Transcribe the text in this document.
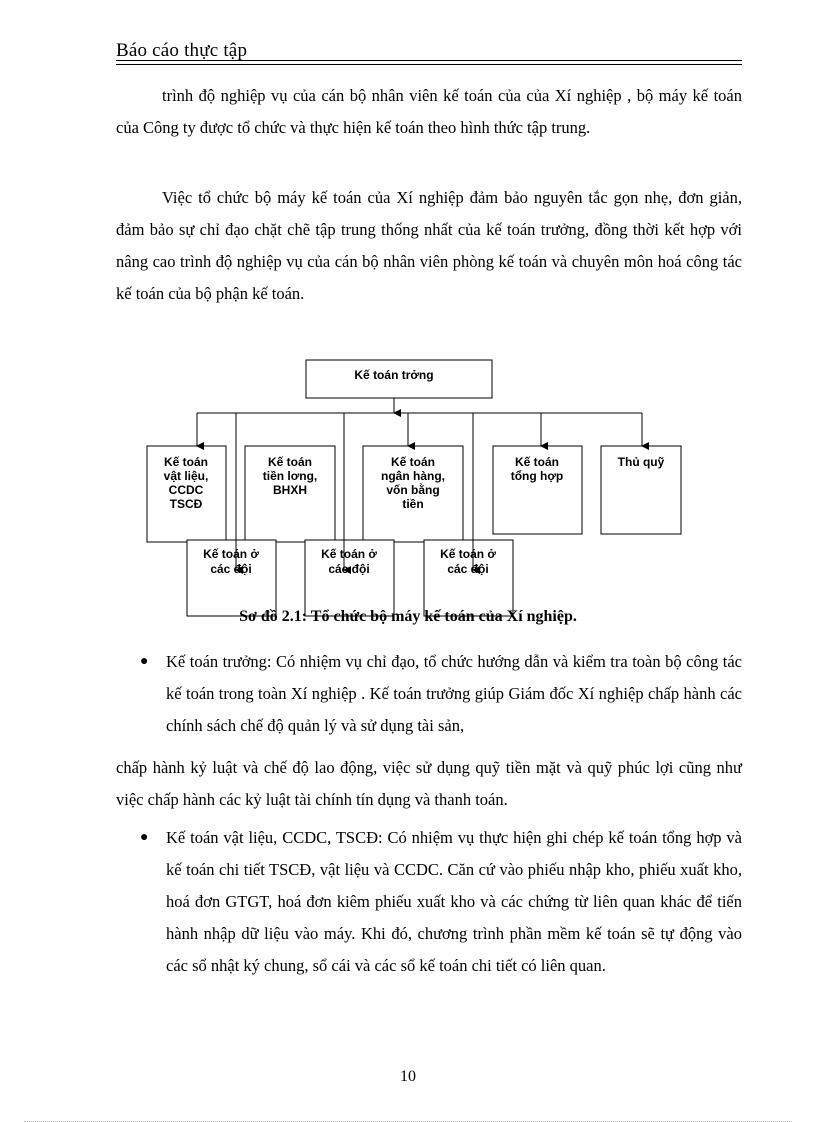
Báo cáo thực tập

trình độ nghiệp vụ của cán bộ nhân viên kế toán của của Xí nghiệp , bộ máy kế toán của Công ty được tổ chức và thực hiện kế toán theo hình thức tập trung.

Việc tổ chức bộ máy kế toán của Xí nghiệp đảm bảo nguyên tắc gọn nhẹ, đơn giản, đảm bảo sự chỉ đạo chặt chẽ tập trung thống nhất của kế toán trưởng, đồng thời kết hợp với nâng cao trình độ nghiệp vụ của cán bộ nhân viên phòng kế toán và chuyên môn hoá công tác kế toán của bộ phận kế toán.

Kế toán trởng
Kế toán
vật liệu,
CCDC
TSCĐ
Kế toán
tiền lơng,
BHXH
Kế toán
ngân hàng,
vốn bằng
tiền
Kế toán
tổng hợp
Thủ quỹ
Kế toán ở
các đội
Kế toán ở
các đội
Kế toán ở
các đội
Sơ đồ 2.1: Tổ chức bộ máy kế toán của Xí nghiệp.
● Kế toán trưởng: Có nhiệm vụ chỉ đạo, tổ chức hướng dẫn và kiểm tra toàn bộ công tác kế toán trong toàn Xí nghiệp . Kế toán trưởng giúp Giám đốc Xí nghiệp chấp hành các chính sách chế độ quản lý và sử dụng tài sản,
chấp hành kỷ luật và chế độ lao động, việc sử dụng quỹ tiền mặt và quỹ phúc lợi cũng như việc chấp hành các kỷ luật tài chính tín dụng và thanh toán.
● Kế toán vật liệu, CCDC, TSCĐ: Có nhiệm vụ thực hiện ghi chép kế toán tổng hợp và kế toán chi tiết TSCĐ, vật liệu và CCDC. Căn cứ vào phiếu nhập kho, phiếu xuất kho, hoá đơn GTGT, hoá đơn kiêm phiếu xuất kho và các chứng từ liên quan khác để tiến hành nhập dữ liệu vào máy. Khi đó, chương trình phần mềm kế toán sẽ tự động vào các sổ nhật ký chung, sổ cái và các sổ kế toán chi tiết có liên quan.
10
